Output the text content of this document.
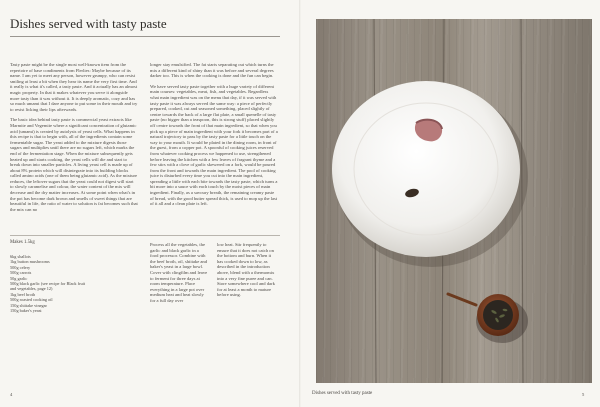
Dishes served with tasty paste

Tasty paste might be the single most well-known item from the repertoire of base condiments from Flerlies: Maybe because of its name. I am yet to meet any person, however grumpy, who can resist smiling at least a bit when they hear its name the very first time. And it really is what it's called, a tasty paste. And it actually has an almost magic property. In that it makes whatever you serve it alongside more tasty than it was without it. It is deeply aromatic, cozy and has so much umami that I dare anyone to put some in their mouth and try to resist licking their lips afterwards.

The basic idea behind tasty paste is commercial yeast extracts like Marmite and Vegemite where a significant concentration of glutamic acid (umami) is created by autolysis of yeast cells. What happens in this recipe is that to begin with, all of the ingredients contain some fermentable sugar. The yeast added to the mixture digests those sugars and multiplies until there are no sugars left, which marks the end of the fermentation stage. When the mixture subsequently gets heated up and starts cooking, the yeast cells will die and start to break down into smaller particles. A living yeast cell is made up of about 8% protein which will disintegrate into its building blocks called amino acids (one of them being glutamic acid). As the mixture reduces, the leftover sugars that the yeast could not digest will start to slowly caramelise and colour, the water content of the mix will decrease and the dry matter increases. At some point when what's in the pot has become dark brown and smells of sweet things that are beautiful in life, the ratio of water to solution is fat becomes such that the mix can no

longer stay emulsified. The fat starts separating out which turns the mix a different kind of shiny than it was before and several degrees darker too. This is when the cooking is done and the fun can begin.

We have served tasty paste together with a huge variety of different main courses: vegetables, meat, fish, and vegetables. Regardless what main ingredient was on the menu that day, if it was served with tasty paste it was always served the same way: a piece of perfectly prepared, cooked, cut and seasoned something, placed slightly of centre towards the back of a large flat plate, a small quenelle of tasty paste (no bigger than a teaspoon, this is strong stuff) placed slightly off centre towards the front of that main ingredient, so that when you pick up a piece of main ingredient with your fork it becomes part of a natural trajectory to pass by the tasty paste for a little touch on the way to your mouth. It would be plated in the dining room, in front of the guest, from a copper pot. A spoonful of cooking juices reserved from whatever cooking process we happened to use, strengthened before leaving the kitchen with a few leaves of fragrant thyme and a few stirs with a clove of garlic skewered on a fork, would be poured from the front and towards the main ingredient. The pool of cooking juice is disturbed every time you cut into the main ingredient, spreading a little with each bite towards the tasty paste, which turns a bit more into a sauce with each touch by the moist pieces of main ingredient. Finally, as a savoury breath, the remaining creamy paste of bread, with the good butter spread thick, is used to mop up the last of it all and a clean plate is left.

Makes 1.5kg
6kg shallots
1kg button mushrooms
500g celery
500g carrots
50g garlic
500g black garlic (see recipe for Black fruit and vegetables, page 12)
1kg beef broth
500g roasted cooking oil
150g shiitake vinegar
150g baker's yeast
Process all the vegetables, the garlic and black garlic in a food processor. Combine with the beef broth, oil, shiitake and baker's yeast in a large bowl. Cover with clingfilm and leave to ferment for three days at room temperature. Place everything in a large pot over medium heat and heat slowly for a full day over
low heat. Stir frequently to ensure that it does not catch on the bottom and burn. When it has cooked down to low, as described in the introduction above, blend with a thermomix into a very fine puree and can. Store somewhere cool and dark for at least a month to mature before using.
4	Dishes served with tasty paste	5
